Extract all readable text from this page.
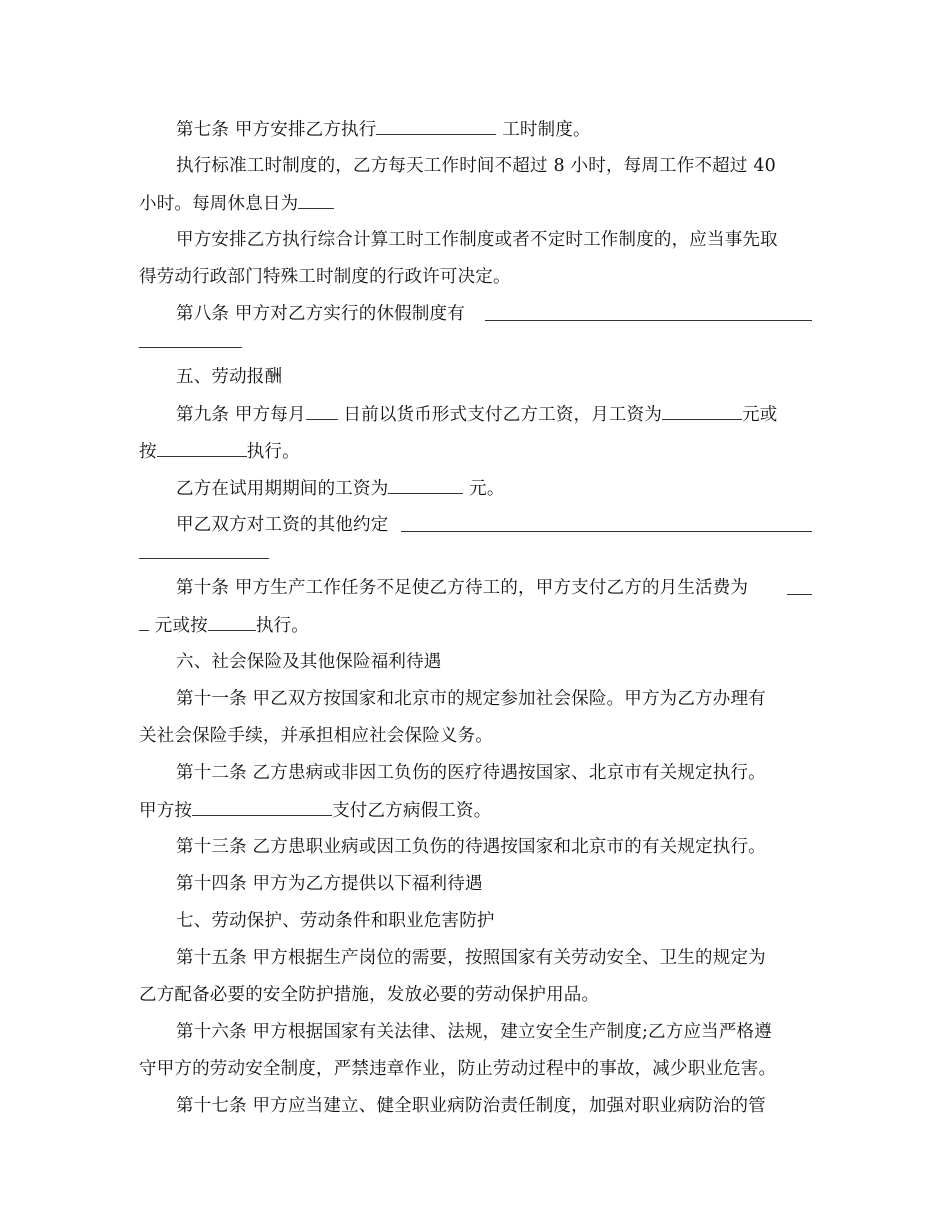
第七条 甲方安排乙方执行	工时制度。
执行标准工时制度的，乙方每天工作时间不超过 8 小时，每周工作不超过 40
小时。每周休息日为
甲方安排乙方执行综合计算工时工作制度或者不定时工作制度的，应当事先取
得劳动行政部门特殊工时制度的行政许可决定。
第八条 甲方对乙方实行的休假制度有
五、劳动报酬
第九条 甲方每月 日前以货币形式支付乙方工资，月工资为	元或
按	执行。
乙方在试用期期间的工资为	元。
甲乙双方对工资的其他约定
第十条 甲方生产工作任务不足使乙方待工的，甲方支付乙方的月生活费为
元或按	执行。
六、社会保险及其他保险福利待遇
第十一条 甲乙双方按国家和北京市的规定参加社会保险。甲方为乙方办理有
关社会保险手续，并承担相应社会保险义务。
第十二条 乙方患病或非因工负伤的医疗待遇按国家、北京市有关规定执行。
甲方按	支付乙方病假工资。
第十三条 乙方患职业病或因工负伤的待遇按国家和北京市的有关规定执行。
第十四条 甲方为乙方提供以下福利待遇
七、劳动保护、劳动条件和职业危害防护
第十五条 甲方根据生产岗位的需要，按照国家有关劳动安全、卫生的规定为
乙方配备必要的安全防护措施，发放必要的劳动保护用品。
第十六条 甲方根据国家有关法律、法规，建立安全生产制度;乙方应当严格遵
守甲方的劳动安全制度，严禁违章作业，防止劳动过程中的事故，减少职业危害。
第十七条 甲方应当建立、健全职业病防治责任制度，加强对职业病防治的管
